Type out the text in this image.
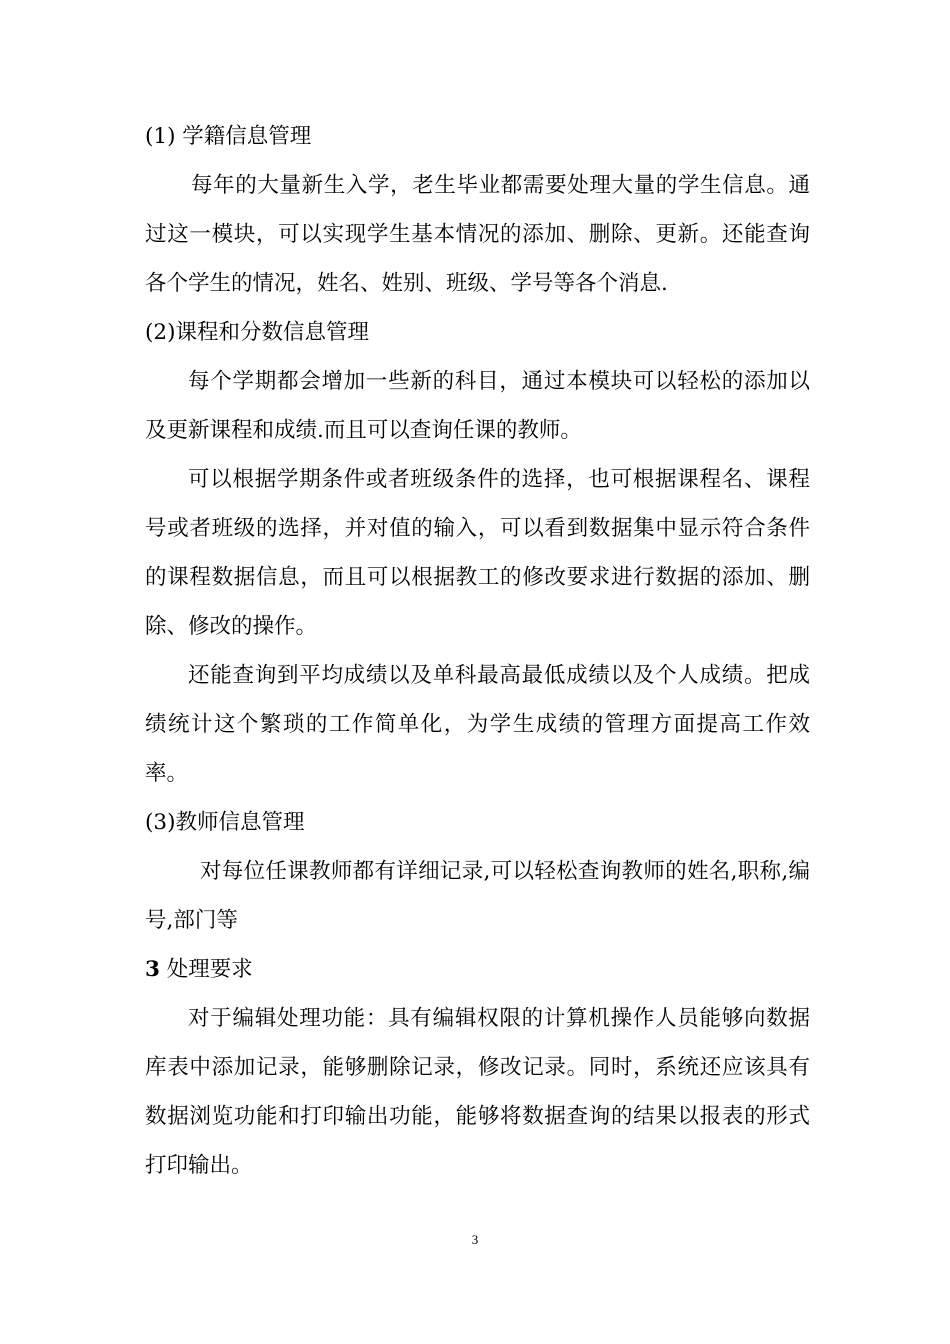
(1) 学籍信息管理

每年的大量新生入学，老生毕业都需要处理大量的学生信息。通过这一模块，可以实现学生基本情况的添加、删除、更新。还能查询各个学生的情况，姓名、姓别、班级、学号等各个消息.

(2)课程和分数信息管理

每个学期都会增加一些新的科目，通过本模块可以轻松的添加以及更新课程和成绩.而且可以查询任课的教师。

可以根据学期条件或者班级条件的选择，也可根据课程名、课程号或者班级的选择，并对值的输入，可以看到数据集中显示符合条件的课程数据信息，而且可以根据教工的修改要求进行数据的添加、删除、修改的操作。

还能查询到平均成绩以及单科最高最低成绩以及个人成绩。把成绩统计这个繁琐的工作简单化，为学生成绩的管理方面提高工作效率。

(3)教师信息管理

对每位任课教师都有详细记录,可以轻松查询教师的姓名,职称,编号,部门等

3 处理要求

对于编辑处理功能：具有编辑权限的计算机操作人员能够向数据库表中添加记录，能够删除记录，修改记录。同时，系统还应该具有数据浏览功能和打印输出功能，能够将数据查询的结果以报表的形式打印输出。

3
